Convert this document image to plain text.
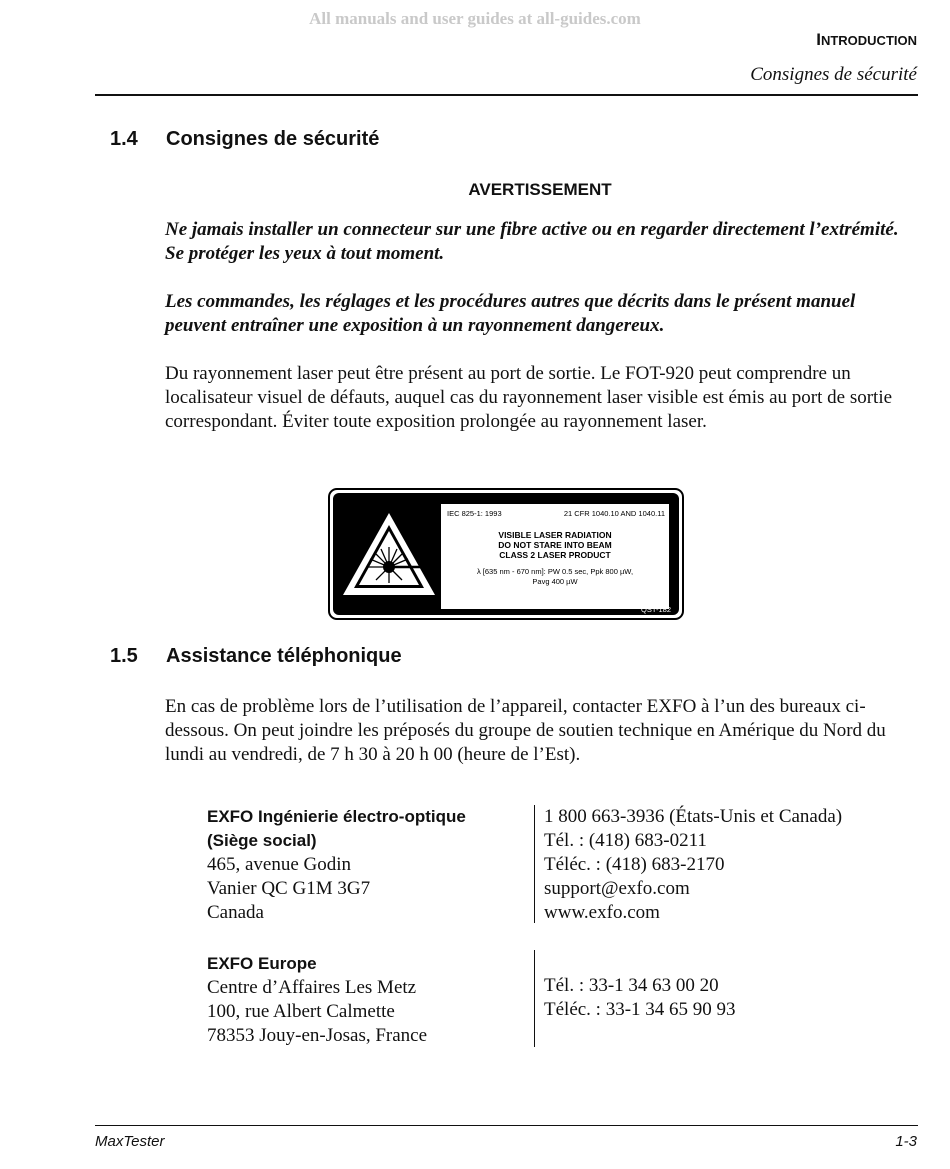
All manuals and user guides at all-guides.com
INTRODUCTION
Consignes de sécurité
1.4 Consignes de sécurité
AVERTISSEMENT
Ne jamais installer un connecteur sur une fibre active ou en regarder directement l’extrémité. Se protéger les yeux à tout moment.
Les commandes, les réglages et les procédures autres que décrits dans le présent manuel peuvent entraîner une exposition à un rayonnement dangereux.
Du rayonnement laser peut être présent au port de sortie. Le FOT-920 peut comprendre un localisateur visuel de défauts, auquel cas du rayonnement laser visible est émis au port de sortie correspondant. Éviter toute exposition prolongée au rayonnement laser.
IEC 825-1: 1993	21 CFR 1040.10 AND 1040.11
VISIBLE LASER RADIATION
DO NOT STARE INTO BEAM
CLASS 2 LASER PRODUCT
λ [635 nm - 670 nm]: PW 0.5 sec, Ppk 800 µW,
Pavg 400 µW
QST-182
1.5 Assistance téléphonique
En cas de problème lors de l’utilisation de l’appareil, contacter EXFO à l’un des bureaux ci-dessous. On peut joindre les préposés du groupe de soutien technique en Amérique du Nord du lundi au vendredi, de 7 h 30 à 20 h 00 (heure de l’Est).
EXFO Ingénierie électro-optique
(Siège social)
465, avenue Godin
Vanier QC G1M 3G7
Canada
1 800 663-3936 (États-Unis et Canada)
Tél. : (418) 683-0211
Téléc. : (418) 683-2170
support@exfo.com
www.exfo.com
EXFO Europe
Centre d’Affaires Les Metz
100, rue Albert Calmette
78353 Jouy-en-Josas, France
Tél. : 33-1 34 63 00 20
Téléc. : 33-1 34 65 90 93
MaxTester	1-3
